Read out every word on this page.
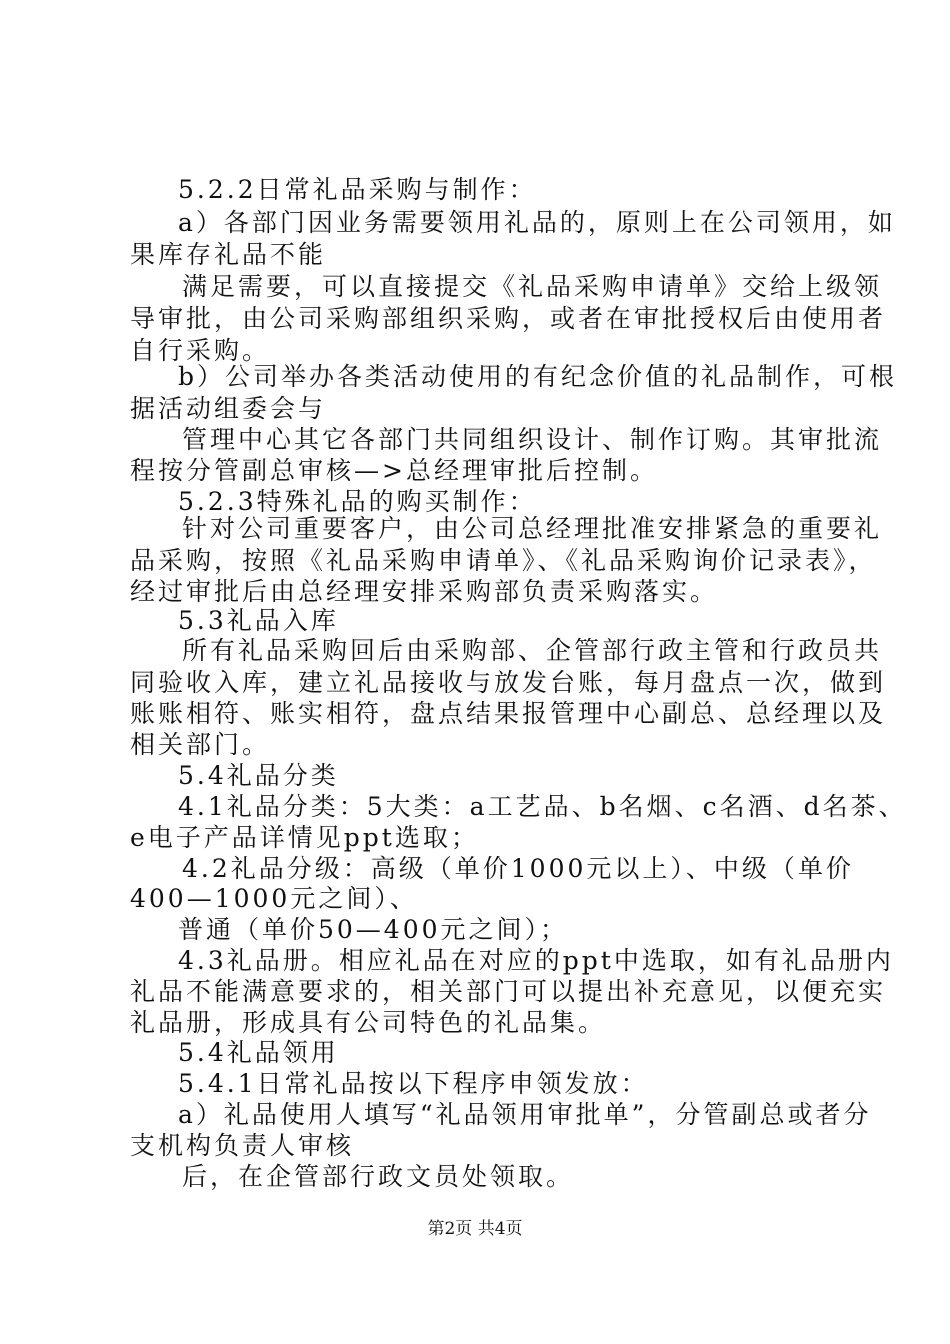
5.2.2日常礼品采购与制作：
a）各部门因业务需要领用礼品的，原则上在公司领用，如
果库存礼品不能
满足需要，可以直接提交《礼品采购申请单》交给上级领
导审批，由公司采购部组织采购，或者在审批授权后由使用者
自行采购。
b）公司举办各类活动使用的有纪念价值的礼品制作，可根
据活动组委会与
管理中心其它各部门共同组织设计、制作订购。其审批流
程按分管副总审核—>总经理审批后控制。
5.2.3特殊礼品的购买制作：
针对公司重要客户，由公司总经理批准安排紧急的重要礼
品采购，按照《礼品采购申请单》、《礼品采购询价记录表》，
经过审批后由总经理安排采购部负责采购落实。
5.3礼品入库
所有礼品采购回后由采购部、企管部行政主管和行政员共
同验收入库，建立礼品接收与放发台账，每月盘点一次，做到
账账相符、账实相符，盘点结果报管理中心副总、总经理以及
相关部门。
5.4礼品分类
4.1礼品分类：5大类：a工艺品、b名烟、c名酒、d名茶、
e电子产品详情见ppt选取；
4.2礼品分级：高级（单价1000元以上）、中级（单价
400—1000元之间）、
普通（单价50—400元之间）；
4.3礼品册。相应礼品在对应的ppt中选取，如有礼品册内
礼品不能满意要求的，相关部门可以提出补充意见，以便充实
礼品册，形成具有公司特色的礼品集。
5.4礼品领用
5.4.1日常礼品按以下程序申领发放：
a）礼品使用人填写“礼品领用审批单”，分管副总或者分
支机构负责人审核
后，在企管部行政文员处领取。
第2页 共4页
